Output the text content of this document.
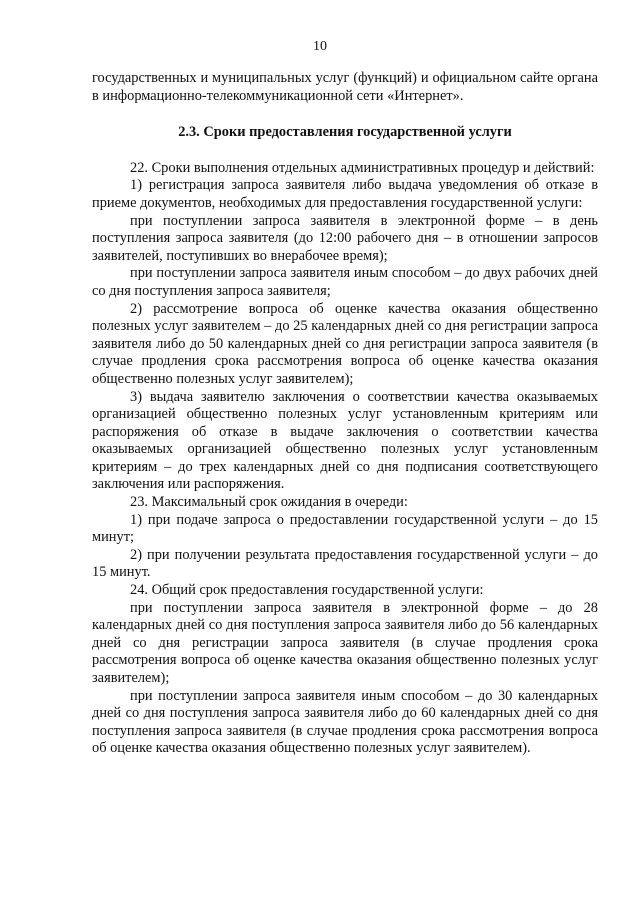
10

государственных и муниципальных услуг (функций) и официальном сайте органа в информационно-телекоммуникационной сети «Интернет».

2.3. Сроки предоставления государственной услуги

22. Сроки выполнения отдельных административных процедур и действий:

1) регистрация запроса заявителя либо выдача уведомления об отказе в приеме документов, необходимых для предоставления государственной услуги:

при поступлении запроса заявителя в электронной форме – в день поступления запроса заявителя (до 12:00 рабочего дня – в отношении запросов заявителей, поступивших во внерабочее время);

при поступлении запроса заявителя иным способом – до двух рабочих дней со дня поступления запроса заявителя;

2) рассмотрение вопроса об оценке качества оказания общественно полезных услуг заявителем – до 25 календарных дней со дня регистрации запроса заявителя либо до 50 календарных дней со дня регистрации запроса заявителя (в случае продления срока рассмотрения вопроса об оценке качества оказания общественно полезных услуг заявителем);

3) выдача заявителю заключения о соответствии качества оказываемых организацией общественно полезных услуг установленным критериям или распоряжения об отказе в выдаче заключения о соответствии качества оказываемых организацией общественно полезных услуг установленным критериям – до трех календарных дней со дня подписания соответствующего заключения или распоряжения.

23. Максимальный срок ожидания в очереди:

1) при подаче запроса о предоставлении государственной услуги – до 15 минут;

2) при получении результата предоставления государственной услуги – до 15 минут.

24. Общий срок предоставления государственной услуги:

при поступлении запроса заявителя в электронной форме – до 28 календарных дней со дня поступления запроса заявителя либо до 56 календарных дней со дня регистрации запроса заявителя (в случае продления срока рассмотрения вопроса об оценке качества оказания общественно полезных услуг заявителем);

при поступлении запроса заявителя иным способом – до 30 календарных дней со дня поступления запроса заявителя либо до 60 календарных дней со дня поступления запроса заявителя (в случае продления срока рассмотрения вопроса об оценке качества оказания общественно полезных услуг заявителем).
